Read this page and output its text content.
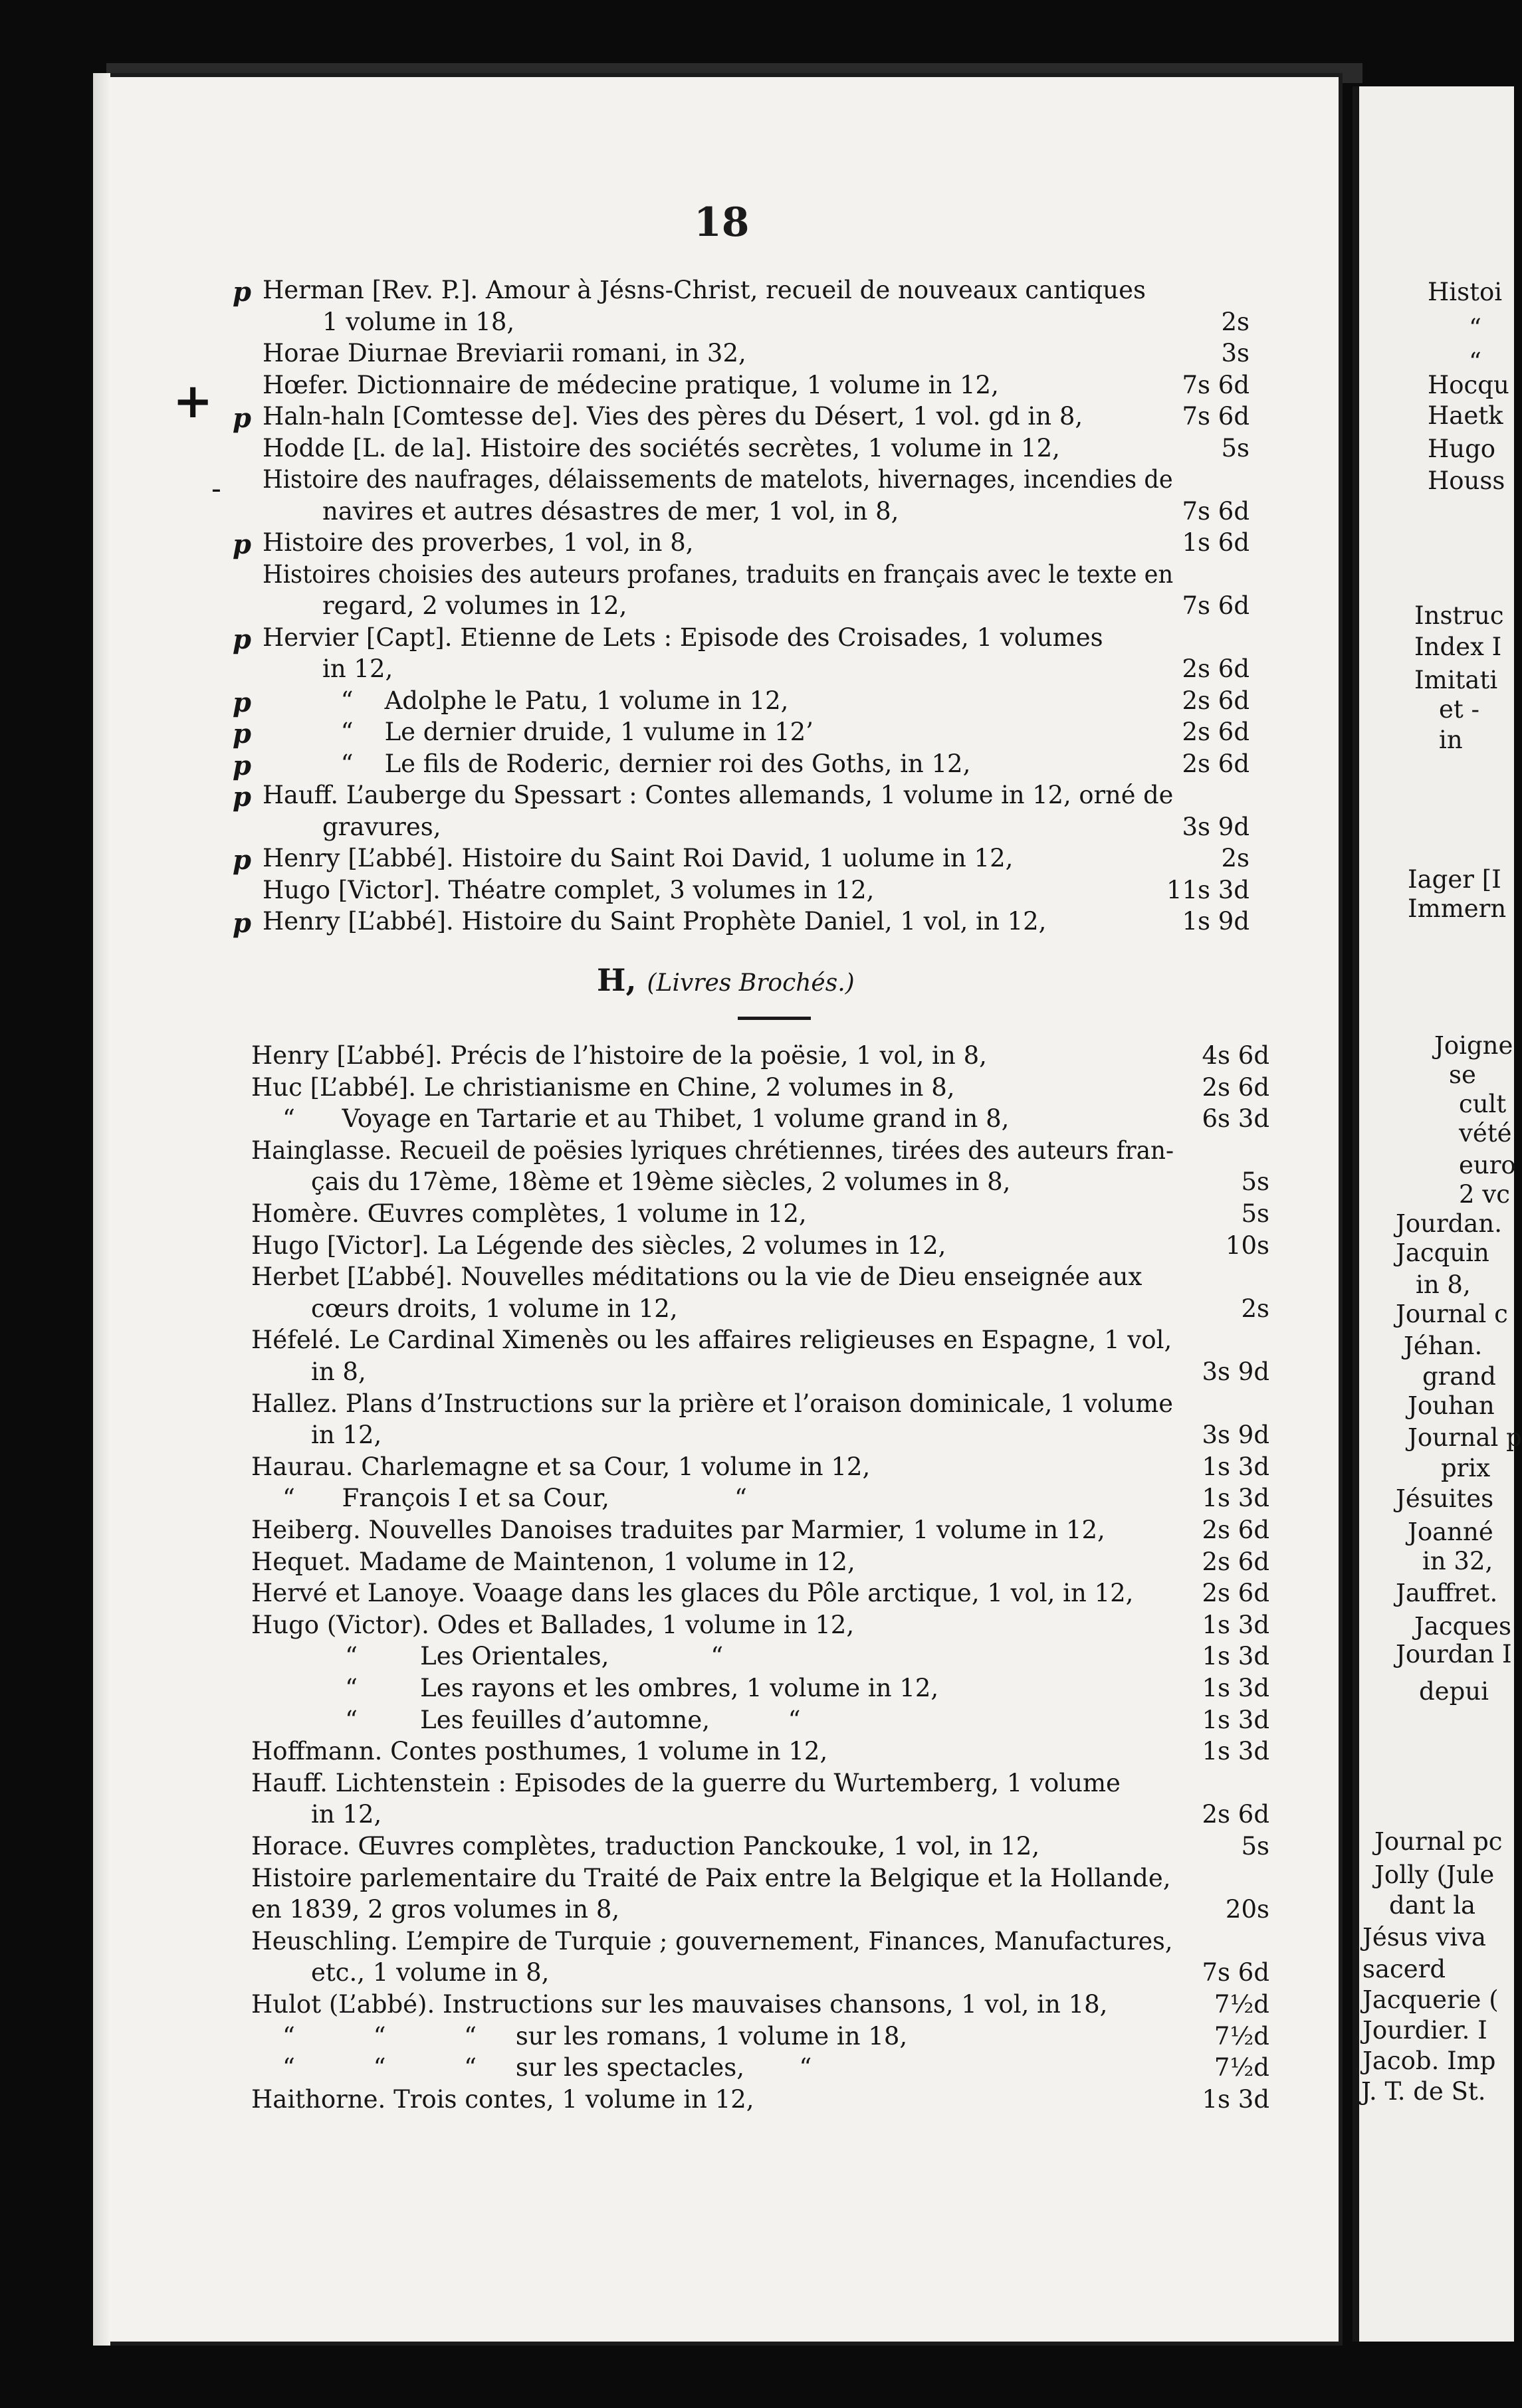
18
+
‐
p Herman [Rev. P.]. Amour à Jésns-Christ, recueil de nouveaux cantiques
1 volume in 18,	2s
Horae Diurnae Breviarii romani, in 32,	3s
Hœfer. Dictionnaire de médecine pratique, 1 volume in 12,	7s 6d
p Haln-haln [Comtesse de]. Vies des pères du Désert, 1 vol. gd in 8,	7s 6d
Hodde [L. de la]. Histoire des sociétés secrètes, 1 volume in 12,	5s
Histoire des naufrages, délaissements de matelots, hivernages, incendies de
navires et autres désastres de mer, 1 vol, in 8,	7s 6d
p Histoire des proverbes, 1 vol, in 8,	1s 6d
Histoires choisies des auteurs profanes, traduits en français avec le texte en
regard, 2 volumes in 12,	7s 6d
p Hervier [Capt]. Etienne de Lets : Episode des Croisades, 1 volumes
in 12,	2s 6d
p “    Adolphe le Patu, 1 volume in 12,	2s 6d
p “    Le dernier druide, 1 vulume in 12’	2s 6d
p “    Le fils de Roderic, dernier roi des Goths, in 12,	2s 6d
p Hauff. L’auberge du Spessart : Contes allemands, 1 volume in 12, orné de
gravures,	3s 9d
p Henry [L’abbé]. Histoire du Saint Roi David, 1 uolume in 12,	2s
Hugo [Victor]. Théatre complet, 3 volumes in 12,	11s 3d
p Henry [L’abbé]. Histoire du Saint Prophète Daniel, 1 vol, in 12,	1s 9d
H, (Livres Brochés.)
Henry [L’abbé]. Précis de l’histoire de la poësie, 1 vol, in 8,	4s 6d
Huc [L’abbé]. Le christianisme en Chine, 2 volumes in 8,	2s 6d
“      Voyage en Tartarie et au Thibet, 1 volume grand in 8,	6s 3d
Hainglasse. Recueil de poësies lyriques chrétiennes, tirées des auteurs fran-
çais du 17ème, 18ème et 19ème siècles, 2 volumes in 8,	5s
Homère. Œuvres complètes, 1 volume in 12,	5s
Hugo [Victor]. La Légende des siècles, 2 volumes in 12,	10s
Herbet [L’abbé]. Nouvelles méditations ou la vie de Dieu enseignée aux
cœurs droits, 1 volume in 12,	2s
Héfelé. Le Cardinal Ximenès ou les affaires religieuses en Espagne, 1 vol,
in 8,	3s 9d
Hallez. Plans d’Instructions sur la prière et l’oraison dominicale, 1 volume
in 12,	3s 9d
Haurau. Charlemagne et sa Cour, 1 volume in 12,	1s 3d
“      François I et sa Cour,                “	1s 3d
Heiberg. Nouvelles Danoises traduites par Marmier, 1 volume in 12,	2s 6d
Hequet. Madame de Maintenon, 1 volume in 12,	2s 6d
Hervé et Lanoye. Voaage dans les glaces du Pôle arctique, 1 vol, in 12,	2s 6d
Hugo (Victor). Odes et Ballades, 1 volume in 12,	1s 3d
“        Les Orientales,             “	1s 3d
“        Les rayons et les ombres, 1 volume in 12,	1s 3d
“        Les feuilles d’automne,          “	1s 3d
Hoffmann. Contes posthumes, 1 volume in 12,	1s 3d
Hauff. Lichtenstein : Episodes de la guerre du Wurtemberg, 1 volume
in 12,	2s 6d
Horace. Œuvres complètes, traduction Panckouke, 1 vol, in 12,	5s
Histoire parlementaire du Traité de Paix entre la Belgique et la Hollande,
en 1839, 2 gros volumes in 8,	20s
Heuschling. L’empire de Turquie ; gouvernement, Finances, Manufactures,
etc., 1 volume in 8,	7s 6d
Hulot (L’abbé). Instructions sur les mauvaises chansons, 1 vol, in 18,	7½d
“          “          “     sur les romans, 1 volume in 18,	7½d
“          “          “     sur les spectacles,       “	7½d
Haithorne. Trois contes, 1 volume in 12,	1s 3d
Histoi
“
“
Hocqu
Haetk
Hugo
Houss
Instruc
Index I
Imitati
et -
in
Iager [I
Immern
Joigne
se
cult
vété
euro
2 vc
Jourdan.
Jacquin
in 8,
Journal c
Jéhan.
grand
Jouhan
Journal p
prix
Jésuites
Joanné
in 32,
Jauffret.
Jacques
Jourdan I
depui
Journal pc
Jolly (Jule
dant la
Jésus viva
sacerd
Jacquerie (
Jourdier. I
Jacob. Imp
J. T. de St.
